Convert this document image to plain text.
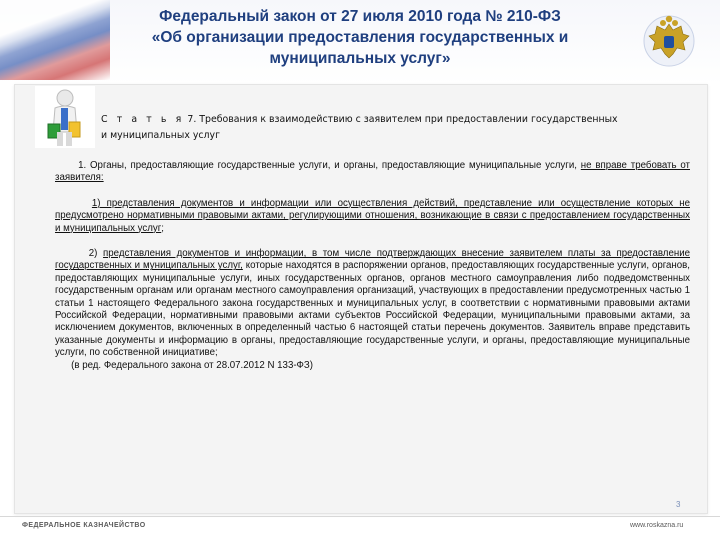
Федеральный закон от 27 июля 2010 года № 210-ФЗ
«Об организации предоставления государственных и
муниципальных услуг»
С т а т ь я 7. Требования к взаимодействию с заявителем при предоставлении государственных
и муниципальных услуг

1. Органы, предоставляющие государственные услуги, и органы, предоставляющие муниципальные услуги, не вправе требовать от заявителя:

1) представления документов и информации или осуществления действий, представление или осуществление которых не предусмотрено нормативными правовыми актами, регулирующими отношения, возникающие в связи с предоставлением государственных и муниципальных услуг;

2) представления документов и информации, в том числе подтверждающих внесение заявителем платы за предоставление государственных и муниципальных услуг, которые находятся в распоряжении органов, предоставляющих государственные услуги, органов, предоставляющих муниципальные услуги, иных государственных органов, органов местного самоуправления либо подведомственных государственным органам или органам местного самоуправления организаций, участвующих в предоставлении предусмотренных частью 1 статьи 1 настоящего Федерального закона государственных и муниципальных услуг, в соответствии с нормативными правовыми актами Российской Федерации, нормативными правовыми актами субъектов Российской Федерации, муниципальными правовыми актами, за исключением документов, включенных в определенный частью 6 настоящей статьи перечень документов. Заявитель вправе представить указанные документы и информацию в органы, предоставляющие государственные услуги, и органы, предоставляющие муниципальные услуги, по собственной инициативе;

(в ред. Федерального закона от 28.07.2012 N 133-ФЗ)

3
ФЕДЕРАЛЬНОЕ КАЗНАЧЕЙСТВО	www.roskazna.ru
